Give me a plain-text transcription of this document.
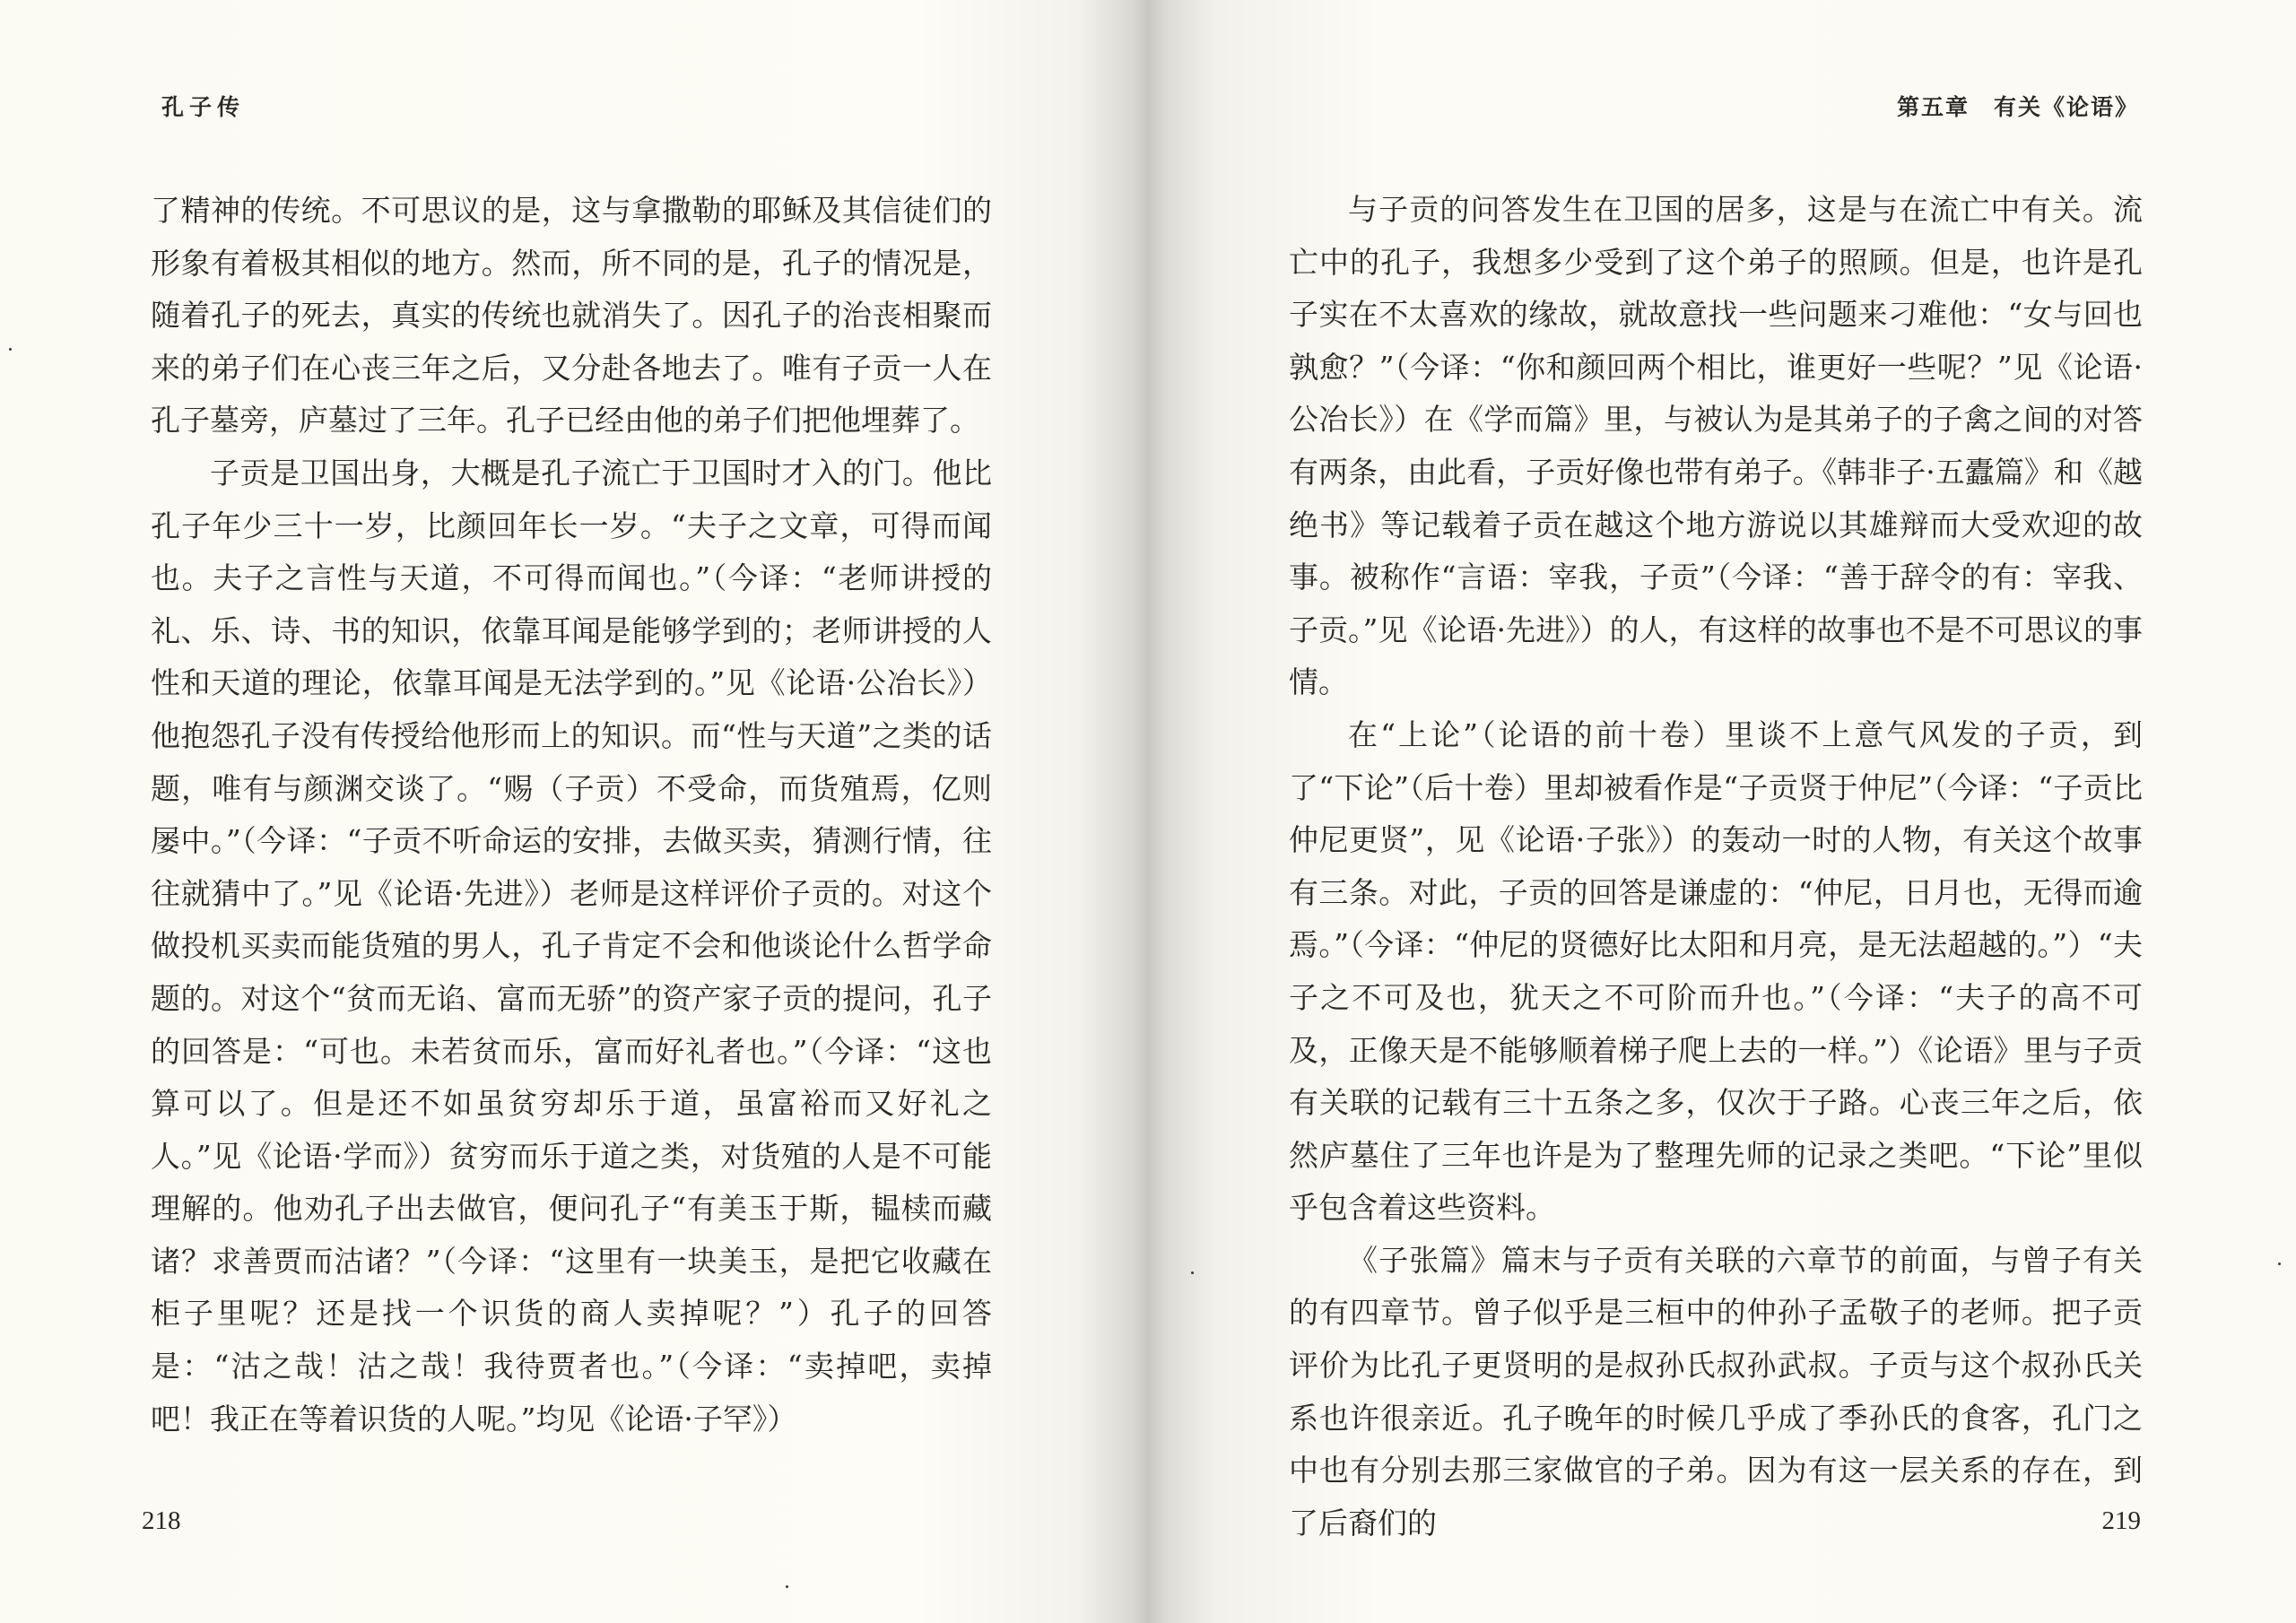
孔子传

了精神的传统。不可思议的是，这与拿撒勒的耶稣及其信徒们的形象有着极其相似的地方。然而，所不同的是，孔子的情况是，随着孔子的死去，真实的传统也就消失了。因孔子的治丧相聚而来的弟子们在心丧三年之后，又分赴各地去了。唯有子贡一人在孔子墓旁，庐墓过了三年。孔子已经由他的弟子们把他埋葬了。

子贡是卫国出身，大概是孔子流亡于卫国时才入的门。他比孔子年少三十一岁，比颜回年长一岁。“夫子之文章，可得而闻也。夫子之言性与天道，不可得而闻也。”（今译：“老师讲授的礼、乐、诗、书的知识，依靠耳闻是能够学到的；老师讲授的人性和天道的理论，依靠耳闻是无法学到的。”见《论语·公冶长》）他抱怨孔子没有传授给他形而上的知识。而“性与天道”之类的话题，唯有与颜渊交谈了。“赐（子贡）不受命，而货殖焉，亿则屡中。”（今译：“子贡不听命运的安排，去做买卖，猜测行情，往往就猜中了。”见《论语·先进》）老师是这样评价子贡的。对这个做投机买卖而能货殖的男人，孔子肯定不会和他谈论什么哲学命题的。对这个“贫而无谄、富而无骄”的资产家子贡的提问，孔子的回答是：“可也。未若贫而乐，富而好礼者也。”（今译：“这也算可以了。但是还不如虽贫穷却乐于道，虽富裕而又好礼之人。”见《论语·学而》）贫穷而乐于道之类，对货殖的人是不可能理解的。他劝孔子出去做官，便问孔子“有美玉于斯，韫椟而藏诸？求善贾而沽诸？”（今译：“这里有一块美玉，是把它收藏在柜子里呢？还是找一个识货的商人卖掉呢？”）孔子的回答是：“沽之哉！沽之哉！我待贾者也。”（今译：“卖掉吧，卖掉吧！我正在等着识货的人呢。”均见《论语·子罕》）

218
第五章　有关《论语》

与子贡的问答发生在卫国的居多，这是与在流亡中有关。流亡中的孔子，我想多少受到了这个弟子的照顾。但是，也许是孔子实在不太喜欢的缘故，就故意找一些问题来刁难他：“女与回也孰愈？”（今译：“你和颜回两个相比，谁更好一些呢？”见《论语·公冶长》）在《学而篇》里，与被认为是其弟子的子禽之间的对答有两条，由此看，子贡好像也带有弟子。《韩非子·五蠹篇》和《越绝书》等记载着子贡在越这个地方游说以其雄辩而大受欢迎的故事。被称作“言语：宰我，子贡”（今译：“善于辞令的有：宰我、子贡。”见《论语·先进》）的人，有这样的故事也不是不可思议的事情。

在“上论”（论语的前十卷）里谈不上意气风发的子贡，到了“下论”（后十卷）里却被看作是“子贡贤于仲尼”（今译：“子贡比仲尼更贤”，见《论语·子张》）的轰动一时的人物，有关这个故事有三条。对此，子贡的回答是谦虚的：“仲尼，日月也，无得而逾焉。”（今译：“仲尼的贤德好比太阳和月亮，是无法超越的。”）“夫子之不可及也，犹天之不可阶而升也。”（今译：“夫子的高不可及，正像天是不能够顺着梯子爬上去的一样。”）《论语》里与子贡有关联的记载有三十五条之多，仅次于子路。心丧三年之后，依然庐墓住了三年也许是为了整理先师的记录之类吧。“下论”里似乎包含着这些资料。

《子张篇》篇末与子贡有关联的六章节的前面，与曾子有关的有四章节。曾子似乎是三桓中的仲孙子孟敬子的老师。把子贡评价为比孔子更贤明的是叔孙氏叔孙武叔。子贡与这个叔孙氏关系也许很亲近。孔子晚年的时候几乎成了季孙氏的食客，孔门之中也有分别去那三家做官的子弟。因为有这一层关系的存在，到了后裔们的	219
